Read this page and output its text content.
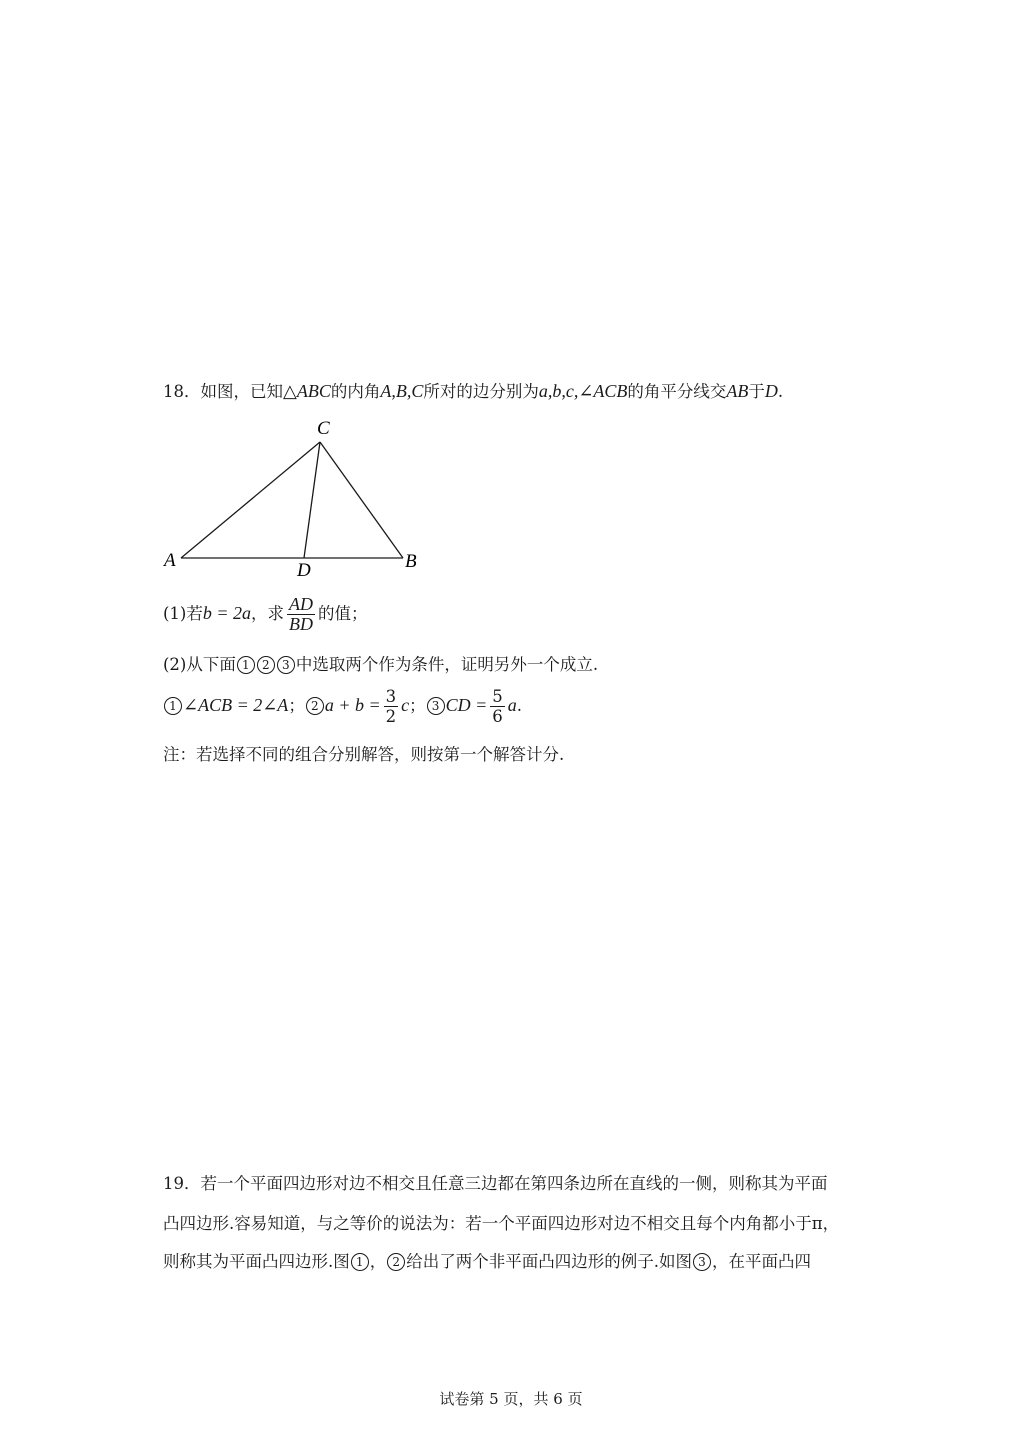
18．如图，已知△ABC的内角A,B,C所对的边分别为a,b,c,∠ACB的角平分线交AB于D.
C
A	B
D
(1)若b = 2a，求 $\frac{AD}{BD}$ 的值；
(2)从下面 1 2 3 中选取两个作为条件，证明另外一个成立.
1 ∠ACB = 2∠A； 2 $a + b = \frac{3}{2}$ c； 3 CD = $\frac{5}{6} a$.
注：若选择不同的组合分别解答，则按第一个解答计分.
19．若一个平面四边形对边不相交且任意三边都在第四条边所在直线的一侧，则称其为平面
凸四边形.容易知道，与之等价的说法为：若一个平面四边形对边不相交且每个内角都小于π，
则称其为平面凸四边形.图 1 ， 2 给出了两个非平面凸四边形的例子.如图 3 ，在平面凸四
试卷第 5 页，共 6 页
